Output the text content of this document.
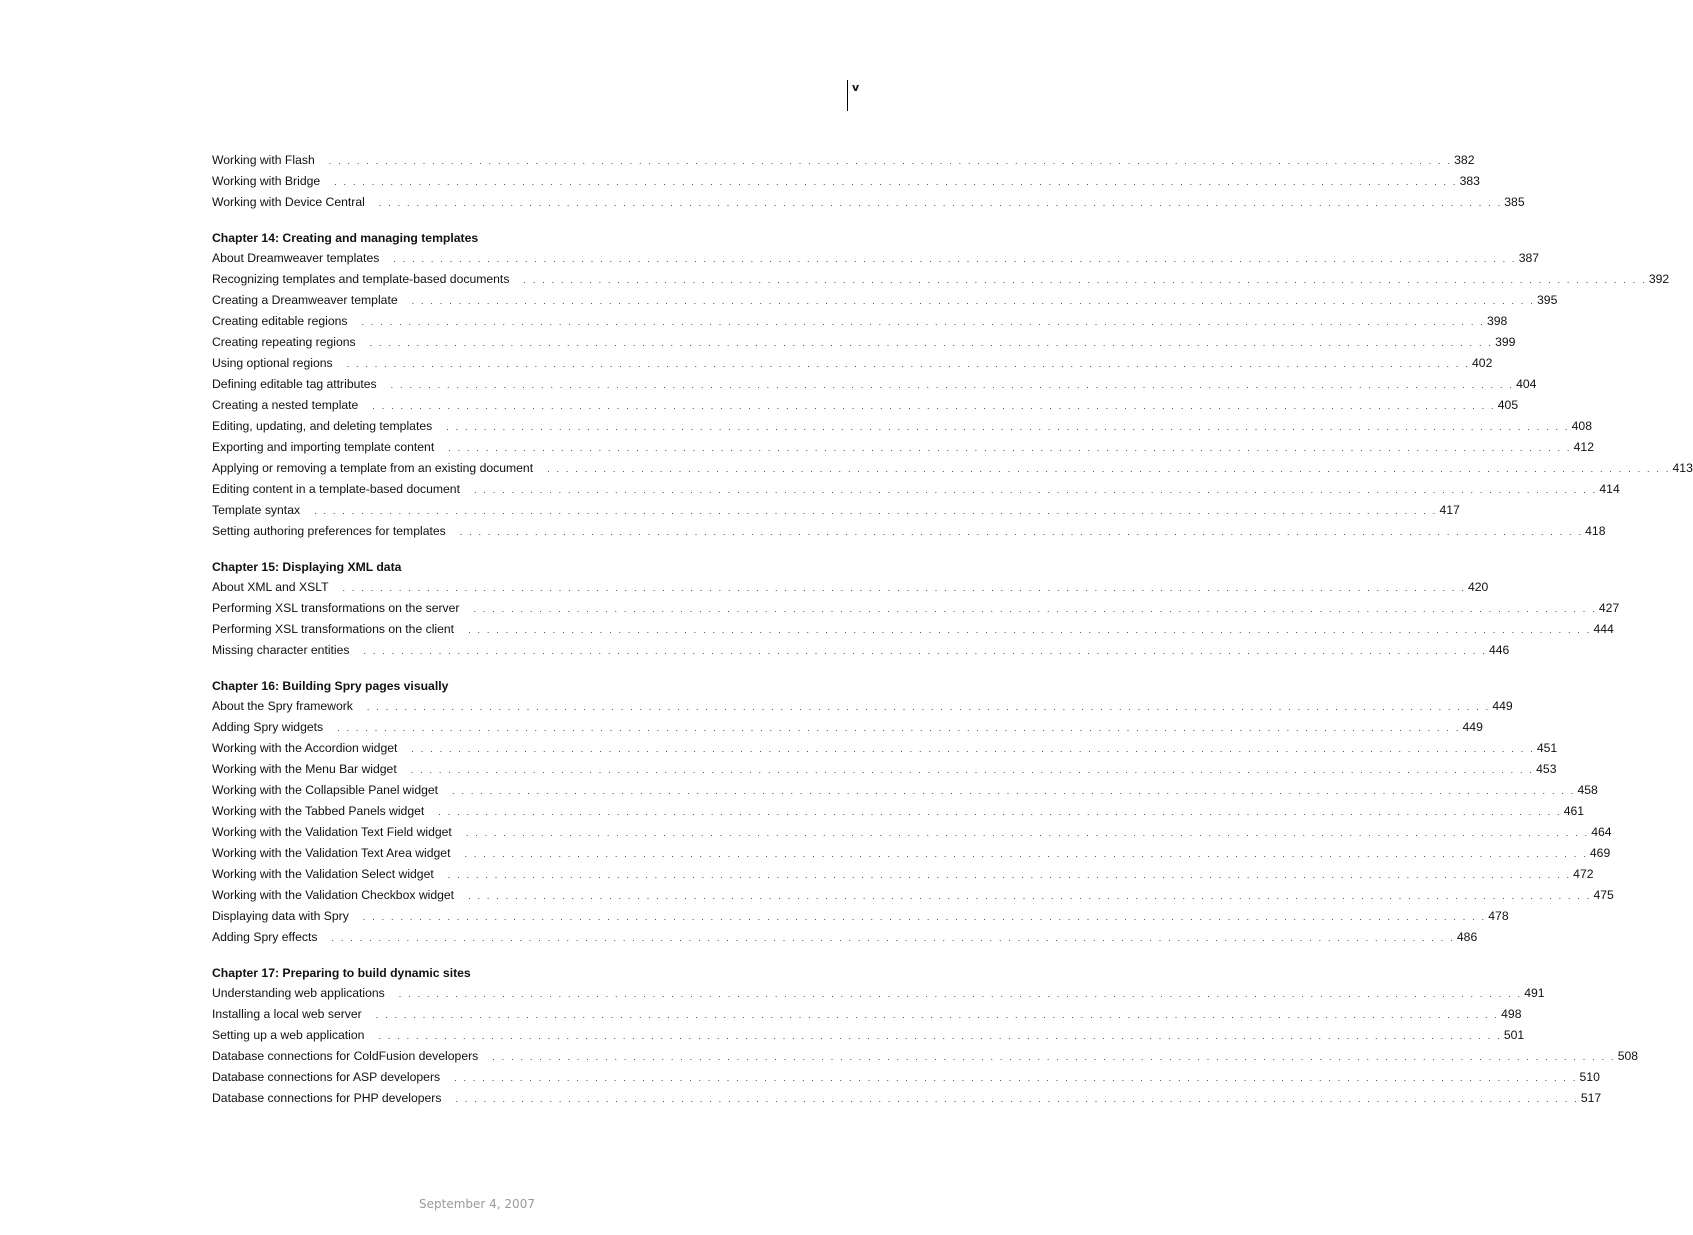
v
Working with Flash	. . . . . . . . . . . . . . . . . . . . . . . . . . . . . . . . . . . . . . . . . . . . . . . . . . . . . . . . . . . . . . . . . . . . . . . . . . . . . . . . . . . . . . . . . . . . . . . . . . . . . . . . . . . . . . . . . . . . . . . . 382
Working with Bridge	. . . . . . . . . . . . . . . . . . . . . . . . . . . . . . . . . . . . . . . . . . . . . . . . . . . . . . . . . . . . . . . . . . . . . . . . . . . . . . . . . . . . . . . . . . . . . . . . . . . . . . . . . . . . . . . . . . . . . . . . 383
Working with Device Central	. . . . . . . . . . . . . . . . . . . . . . . . . . . . . . . . . . . . . . . . . . . . . . . . . . . . . . . . . . . . . . . . . . . . . . . . . . . . . . . . . . . . . . . . . . . . . . . . . . . . . . . . . . . . . . . . . . . . . . . . 385
Chapter 14: Creating and managing templates
About Dreamweaver templates	. . . . . . . . . . . . . . . . . . . . . . . . . . . . . . . . . . . . . . . . . . . . . . . . . . . . . . . . . . . . . . . . . . . . . . . . . . . . . . . . . . . . . . . . . . . . . . . . . . . . . . . . . . . . . . . . . . . . . . . . 387
Recognizing templates and template-based documents	. . . . . . . . . . . . . . . . . . . . . . . . . . . . . . . . . . . . . . . . . . . . . . . . . . . . . . . . . . . . . . . . . . . . . . . . . . . . . . . . . . . . . . . . . . . . . . . . . . . . . . . . . . . . . . . . . . . . . . . . 392
Creating a Dreamweaver template	. . . . . . . . . . . . . . . . . . . . . . . . . . . . . . . . . . . . . . . . . . . . . . . . . . . . . . . . . . . . . . . . . . . . . . . . . . . . . . . . . . . . . . . . . . . . . . . . . . . . . . . . . . . . . . . . . . . . . . . . 395
Creating editable regions	. . . . . . . . . . . . . . . . . . . . . . . . . . . . . . . . . . . . . . . . . . . . . . . . . . . . . . . . . . . . . . . . . . . . . . . . . . . . . . . . . . . . . . . . . . . . . . . . . . . . . . . . . . . . . . . . . . . . . . . . 398
Creating repeating regions	. . . . . . . . . . . . . . . . . . . . . . . . . . . . . . . . . . . . . . . . . . . . . . . . . . . . . . . . . . . . . . . . . . . . . . . . . . . . . . . . . . . . . . . . . . . . . . . . . . . . . . . . . . . . . . . . . . . . . . . . 399
Using optional regions	. . . . . . . . . . . . . . . . . . . . . . . . . . . . . . . . . . . . . . . . . . . . . . . . . . . . . . . . . . . . . . . . . . . . . . . . . . . . . . . . . . . . . . . . . . . . . . . . . . . . . . . . . . . . . . . . . . . . . . . . 402
Defining editable tag attributes	. . . . . . . . . . . . . . . . . . . . . . . . . . . . . . . . . . . . . . . . . . . . . . . . . . . . . . . . . . . . . . . . . . . . . . . . . . . . . . . . . . . . . . . . . . . . . . . . . . . . . . . . . . . . . . . . . . . . . . . . 404
Creating a nested template	. . . . . . . . . . . . . . . . . . . . . . . . . . . . . . . . . . . . . . . . . . . . . . . . . . . . . . . . . . . . . . . . . . . . . . . . . . . . . . . . . . . . . . . . . . . . . . . . . . . . . . . . . . . . . . . . . . . . . . . . 405
Editing, updating, and deleting templates	. . . . . . . . . . . . . . . . . . . . . . . . . . . . . . . . . . . . . . . . . . . . . . . . . . . . . . . . . . . . . . . . . . . . . . . . . . . . . . . . . . . . . . . . . . . . . . . . . . . . . . . . . . . . . . . . . . . . . . . . 408
Exporting and importing template content	. . . . . . . . . . . . . . . . . . . . . . . . . . . . . . . . . . . . . . . . . . . . . . . . . . . . . . . . . . . . . . . . . . . . . . . . . . . . . . . . . . . . . . . . . . . . . . . . . . . . . . . . . . . . . . . . . . . . . . . . 412
Applying or removing a template from an existing document	. . . . . . . . . . . . . . . . . . . . . . . . . . . . . . . . . . . . . . . . . . . . . . . . . . . . . . . . . . . . . . . . . . . . . . . . . . . . . . . . . . . . . . . . . . . . . . . . . . . . . . . . . . . . . . . . . . . . . . . . 413
Editing content in a template-based document	. . . . . . . . . . . . . . . . . . . . . . . . . . . . . . . . . . . . . . . . . . . . . . . . . . . . . . . . . . . . . . . . . . . . . . . . . . . . . . . . . . . . . . . . . . . . . . . . . . . . . . . . . . . . . . . . . . . . . . . . 414
Template syntax	. . . . . . . . . . . . . . . . . . . . . . . . . . . . . . . . . . . . . . . . . . . . . . . . . . . . . . . . . . . . . . . . . . . . . . . . . . . . . . . . . . . . . . . . . . . . . . . . . . . . . . . . . . . . . . . . . . . . . . . . 417
Setting authoring preferences for templates	. . . . . . . . . . . . . . . . . . . . . . . . . . . . . . . . . . . . . . . . . . . . . . . . . . . . . . . . . . . . . . . . . . . . . . . . . . . . . . . . . . . . . . . . . . . . . . . . . . . . . . . . . . . . . . . . . . . . . . . . 418
Chapter 15: Displaying XML data
About XML and XSLT	. . . . . . . . . . . . . . . . . . . . . . . . . . . . . . . . . . . . . . . . . . . . . . . . . . . . . . . . . . . . . . . . . . . . . . . . . . . . . . . . . . . . . . . . . . . . . . . . . . . . . . . . . . . . . . . . . . . . . . . . 420
Performing XSL transformations on the server	. . . . . . . . . . . . . . . . . . . . . . . . . . . . . . . . . . . . . . . . . . . . . . . . . . . . . . . . . . . . . . . . . . . . . . . . . . . . . . . . . . . . . . . . . . . . . . . . . . . . . . . . . . . . . . . . . . . . . . . . 427
Performing XSL transformations on the client	. . . . . . . . . . . . . . . . . . . . . . . . . . . . . . . . . . . . . . . . . . . . . . . . . . . . . . . . . . . . . . . . . . . . . . . . . . . . . . . . . . . . . . . . . . . . . . . . . . . . . . . . . . . . . . . . . . . . . . . . 444
Missing character entities	. . . . . . . . . . . . . . . . . . . . . . . . . . . . . . . . . . . . . . . . . . . . . . . . . . . . . . . . . . . . . . . . . . . . . . . . . . . . . . . . . . . . . . . . . . . . . . . . . . . . . . . . . . . . . . . . . . . . . . . . 446
Chapter 16: Building Spry pages visually
About the Spry framework	. . . . . . . . . . . . . . . . . . . . . . . . . . . . . . . . . . . . . . . . . . . . . . . . . . . . . . . . . . . . . . . . . . . . . . . . . . . . . . . . . . . . . . . . . . . . . . . . . . . . . . . . . . . . . . . . . . . . . . . . 449
Adding Spry widgets	. . . . . . . . . . . . . . . . . . . . . . . . . . . . . . . . . . . . . . . . . . . . . . . . . . . . . . . . . . . . . . . . . . . . . . . . . . . . . . . . . . . . . . . . . . . . . . . . . . . . . . . . . . . . . . . . . . . . . . . . 449
Working with the Accordion widget	. . . . . . . . . . . . . . . . . . . . . . . . . . . . . . . . . . . . . . . . . . . . . . . . . . . . . . . . . . . . . . . . . . . . . . . . . . . . . . . . . . . . . . . . . . . . . . . . . . . . . . . . . . . . . . . . . . . . . . . . 451
Working with the Menu Bar widget	. . . . . . . . . . . . . . . . . . . . . . . . . . . . . . . . . . . . . . . . . . . . . . . . . . . . . . . . . . . . . . . . . . . . . . . . . . . . . . . . . . . . . . . . . . . . . . . . . . . . . . . . . . . . . . . . . . . . . . . . 453
Working with the Collapsible Panel widget	. . . . . . . . . . . . . . . . . . . . . . . . . . . . . . . . . . . . . . . . . . . . . . . . . . . . . . . . . . . . . . . . . . . . . . . . . . . . . . . . . . . . . . . . . . . . . . . . . . . . . . . . . . . . . . . . . . . . . . . . 458
Working with the Tabbed Panels widget	. . . . . . . . . . . . . . . . . . . . . . . . . . . . . . . . . . . . . . . . . . . . . . . . . . . . . . . . . . . . . . . . . . . . . . . . . . . . . . . . . . . . . . . . . . . . . . . . . . . . . . . . . . . . . . . . . . . . . . . . 461
Working with the Validation Text Field widget	. . . . . . . . . . . . . . . . . . . . . . . . . . . . . . . . . . . . . . . . . . . . . . . . . . . . . . . . . . . . . . . . . . . . . . . . . . . . . . . . . . . . . . . . . . . . . . . . . . . . . . . . . . . . . . . . . . . . . . . . 464
Working with the Validation Text Area widget	. . . . . . . . . . . . . . . . . . . . . . . . . . . . . . . . . . . . . . . . . . . . . . . . . . . . . . . . . . . . . . . . . . . . . . . . . . . . . . . . . . . . . . . . . . . . . . . . . . . . . . . . . . . . . . . . . . . . . . . . 469
Working with the Validation Select widget	. . . . . . . . . . . . . . . . . . . . . . . . . . . . . . . . . . . . . . . . . . . . . . . . . . . . . . . . . . . . . . . . . . . . . . . . . . . . . . . . . . . . . . . . . . . . . . . . . . . . . . . . . . . . . . . . . . . . . . . . 472
Working with the Validation Checkbox widget	. . . . . . . . . . . . . . . . . . . . . . . . . . . . . . . . . . . . . . . . . . . . . . . . . . . . . . . . . . . . . . . . . . . . . . . . . . . . . . . . . . . . . . . . . . . . . . . . . . . . . . . . . . . . . . . . . . . . . . . . 475
Displaying data with Spry	. . . . . . . . . . . . . . . . . . . . . . . . . . . . . . . . . . . . . . . . . . . . . . . . . . . . . . . . . . . . . . . . . . . . . . . . . . . . . . . . . . . . . . . . . . . . . . . . . . . . . . . . . . . . . . . . . . . . . . . . 478
Adding Spry effects	. . . . . . . . . . . . . . . . . . . . . . . . . . . . . . . . . . . . . . . . . . . . . . . . . . . . . . . . . . . . . . . . . . . . . . . . . . . . . . . . . . . . . . . . . . . . . . . . . . . . . . . . . . . . . . . . . . . . . . . . 486
Chapter 17: Preparing to build dynamic sites
Understanding web applications	. . . . . . . . . . . . . . . . . . . . . . . . . . . . . . . . . . . . . . . . . . . . . . . . . . . . . . . . . . . . . . . . . . . . . . . . . . . . . . . . . . . . . . . . . . . . . . . . . . . . . . . . . . . . . . . . . . . . . . . . 491
Installing a local web server	. . . . . . . . . . . . . . . . . . . . . . . . . . . . . . . . . . . . . . . . . . . . . . . . . . . . . . . . . . . . . . . . . . . . . . . . . . . . . . . . . . . . . . . . . . . . . . . . . . . . . . . . . . . . . . . . . . . . . . . . 498
Setting up a web application	. . . . . . . . . . . . . . . . . . . . . . . . . . . . . . . . . . . . . . . . . . . . . . . . . . . . . . . . . . . . . . . . . . . . . . . . . . . . . . . . . . . . . . . . . . . . . . . . . . . . . . . . . . . . . . . . . . . . . . . . 501
Database connections for ColdFusion developers	. . . . . . . . . . . . . . . . . . . . . . . . . . . . . . . . . . . . . . . . . . . . . . . . . . . . . . . . . . . . . . . . . . . . . . . . . . . . . . . . . . . . . . . . . . . . . . . . . . . . . . . . . . . . . . . . . . . . . . . . 508
Database connections for ASP developers	. . . . . . . . . . . . . . . . . . . . . . . . . . . . . . . . . . . . . . . . . . . . . . . . . . . . . . . . . . . . . . . . . . . . . . . . . . . . . . . . . . . . . . . . . . . . . . . . . . . . . . . . . . . . . . . . . . . . . . . . 510
Database connections for PHP developers	. . . . . . . . . . . . . . . . . . . . . . . . . . . . . . . . . . . . . . . . . . . . . . . . . . . . . . . . . . . . . . . . . . . . . . . . . . . . . . . . . . . . . . . . . . . . . . . . . . . . . . . . . . . . . . . . . . . . . . . . 517
September 4, 2007
